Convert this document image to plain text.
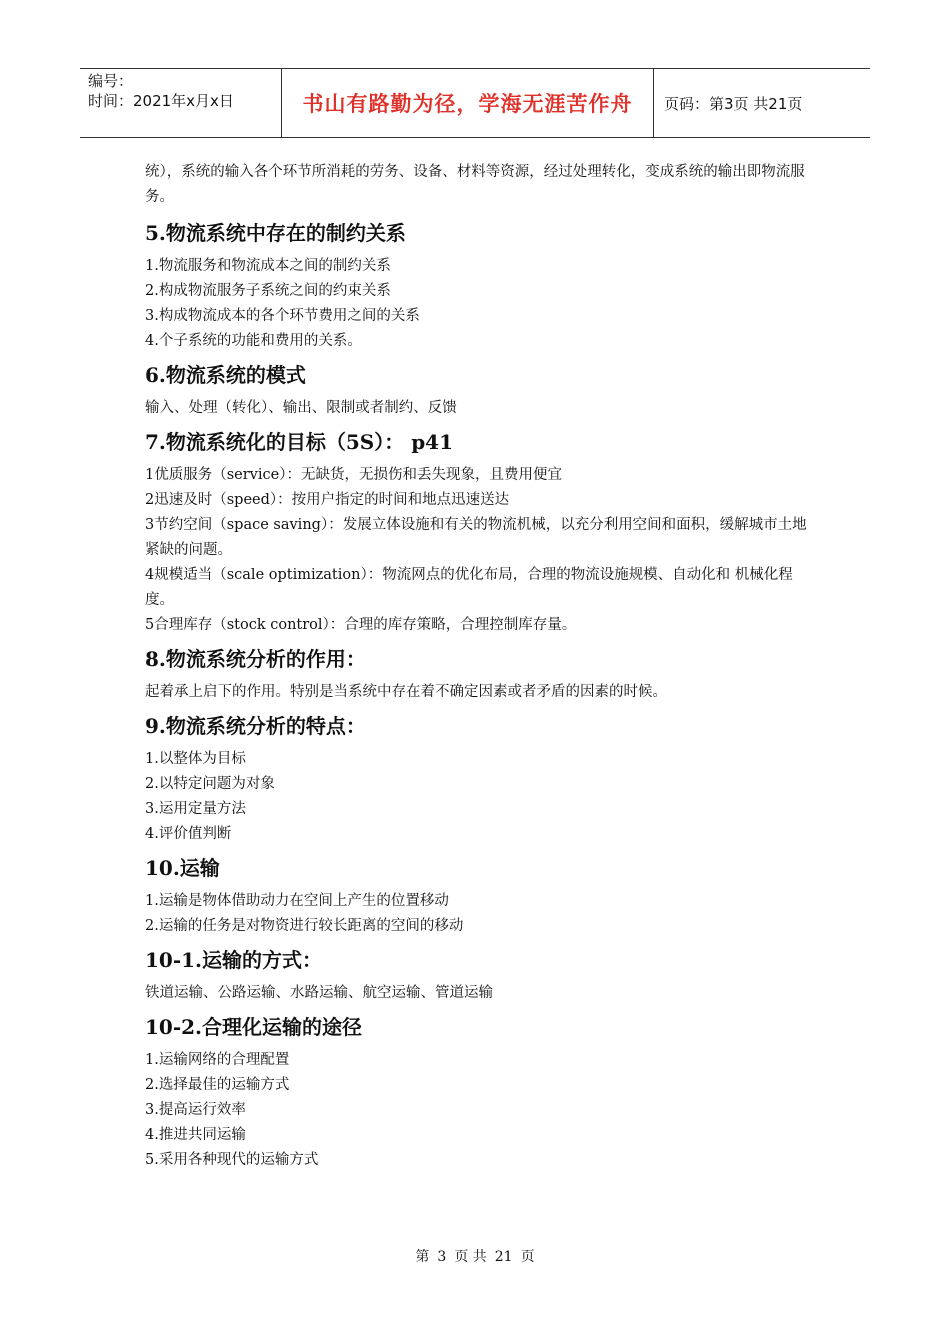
编号：
时间：2021年x月x日	书山有路勤为径，学海无涯苦作舟	页码：第3页 共21页

统），系统的输入各个环节所消耗的劳务、设备、材料等资源，经过处理转化，变成系统的输出即物流服务。

5.物流系统中存在的制约关系
1.物流服务和物流成本之间的制约关系
2.构成物流服务子系统之间的约束关系
3.构成物流成本的各个环节费用之间的关系
4.个子系统的功能和费用的关系。
6.物流系统的模式
输入、处理（转化）、输出、限制或者制约、反馈
7.物流系统化的目标（5S）： p41
1优质服务（service）：无缺货，无损伤和丢失现象，且费用便宜
2迅速及时（speed）：按用户指定的时间和地点迅速送达
3节约空间（space saving）：发展立体设施和有关的物流机械，以充分利用空间和面积，缓解城市土地紧缺的问题。
4规模适当（scale optimization）：物流网点的优化布局，合理的物流设施规模、自动化和 机械化程度。
5合理库存（stock control）：合理的库存策略，合理控制库存量。
8.物流系统分析的作用：
起着承上启下的作用。特别是当系统中存在着不确定因素或者矛盾的因素的时候。
9.物流系统分析的特点：
1.以整体为目标
2.以特定问题为对象
3.运用定量方法
4.评价值判断
10.运输
1.运输是物体借助动力在空间上产生的位置移动
2.运输的任务是对物资进行较长距离的空间的移动
10-1.运输的方式：
铁道运输、公路运输、水路运输、航空运输、管道运输
10-2.合理化运输的途径
1.运输网络的合理配置
2.选择最佳的运输方式
3.提高运行效率
4.推进共同运输
5.采用各种现代的运输方式
第 3 页 共 21 页
